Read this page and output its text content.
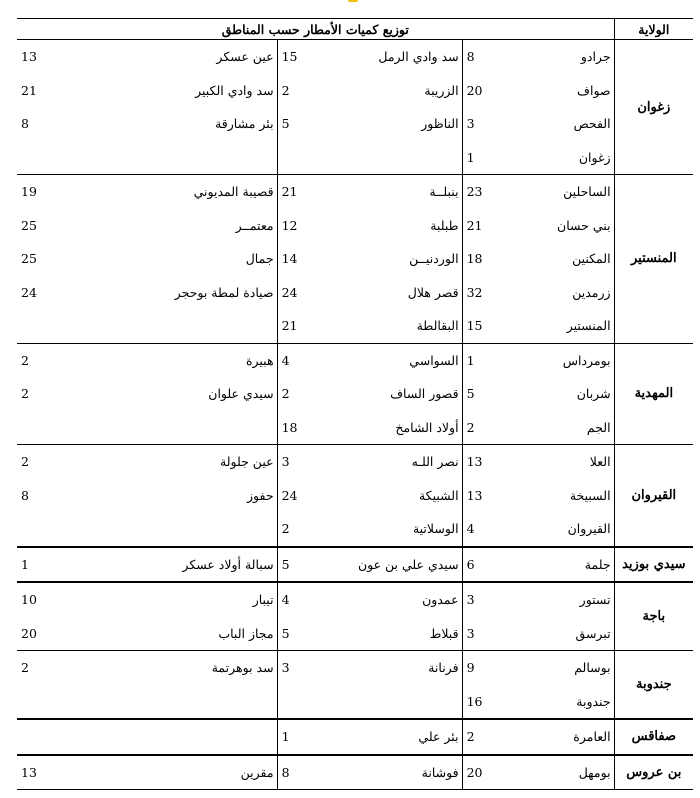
الولاية	توزيع كميات الأمطار حسب المناطق					
زغوان	جرادو	8	سد وادي الرمل	15	عين عسكر	13
	صواف	20	الزريبة	2	سد وادي الكبير	21
	الفحص	3	الناظور	5	بئر مشارقة	8
	زغوان	1				
المنستير	الساحلين	23	بنبلــة	21	قصيبة المديوني	19
	بني حسان	21	طبلبة	12	معتمــر	25
	المكنين	18	الوردنيــن	14	جمال	25
	زرمدين	32	قصر هلال	24	صيادة لمطة بوحجر	24
	المنستير	15	البقالطة	21		
المهدية	بومرداس	1	السواسي	4	هبيرة	2
	شربان	5	قصور الساف	2	سيدي علوان	2
	الجم	2	أولاد الشامخ	18		
القيروان	العلا	13	نصر اللـه	3	عين جلولة	2
	السبيخة	13	الشبيكة	24	حفوز	8
	القيروان	4	الوسلاتية	2		
سيدي بوزيد	جلمة	6	سيدي علي بن عون	5	سبالة أولاد عسكر	1
باجة	تستور	3	عمدون	4	تيبار	10
	تبرسق	3	قبلاط	5	مجاز الباب	20
جندوبة	بوسالم	9	فرنانة	3	سد بوهرتمة	2
	جندوبة	16				
صفاقس	العامرة	2	بئر علي	1		
بن عروس	بومهل	20	فوشانة	8	مقرين	13
